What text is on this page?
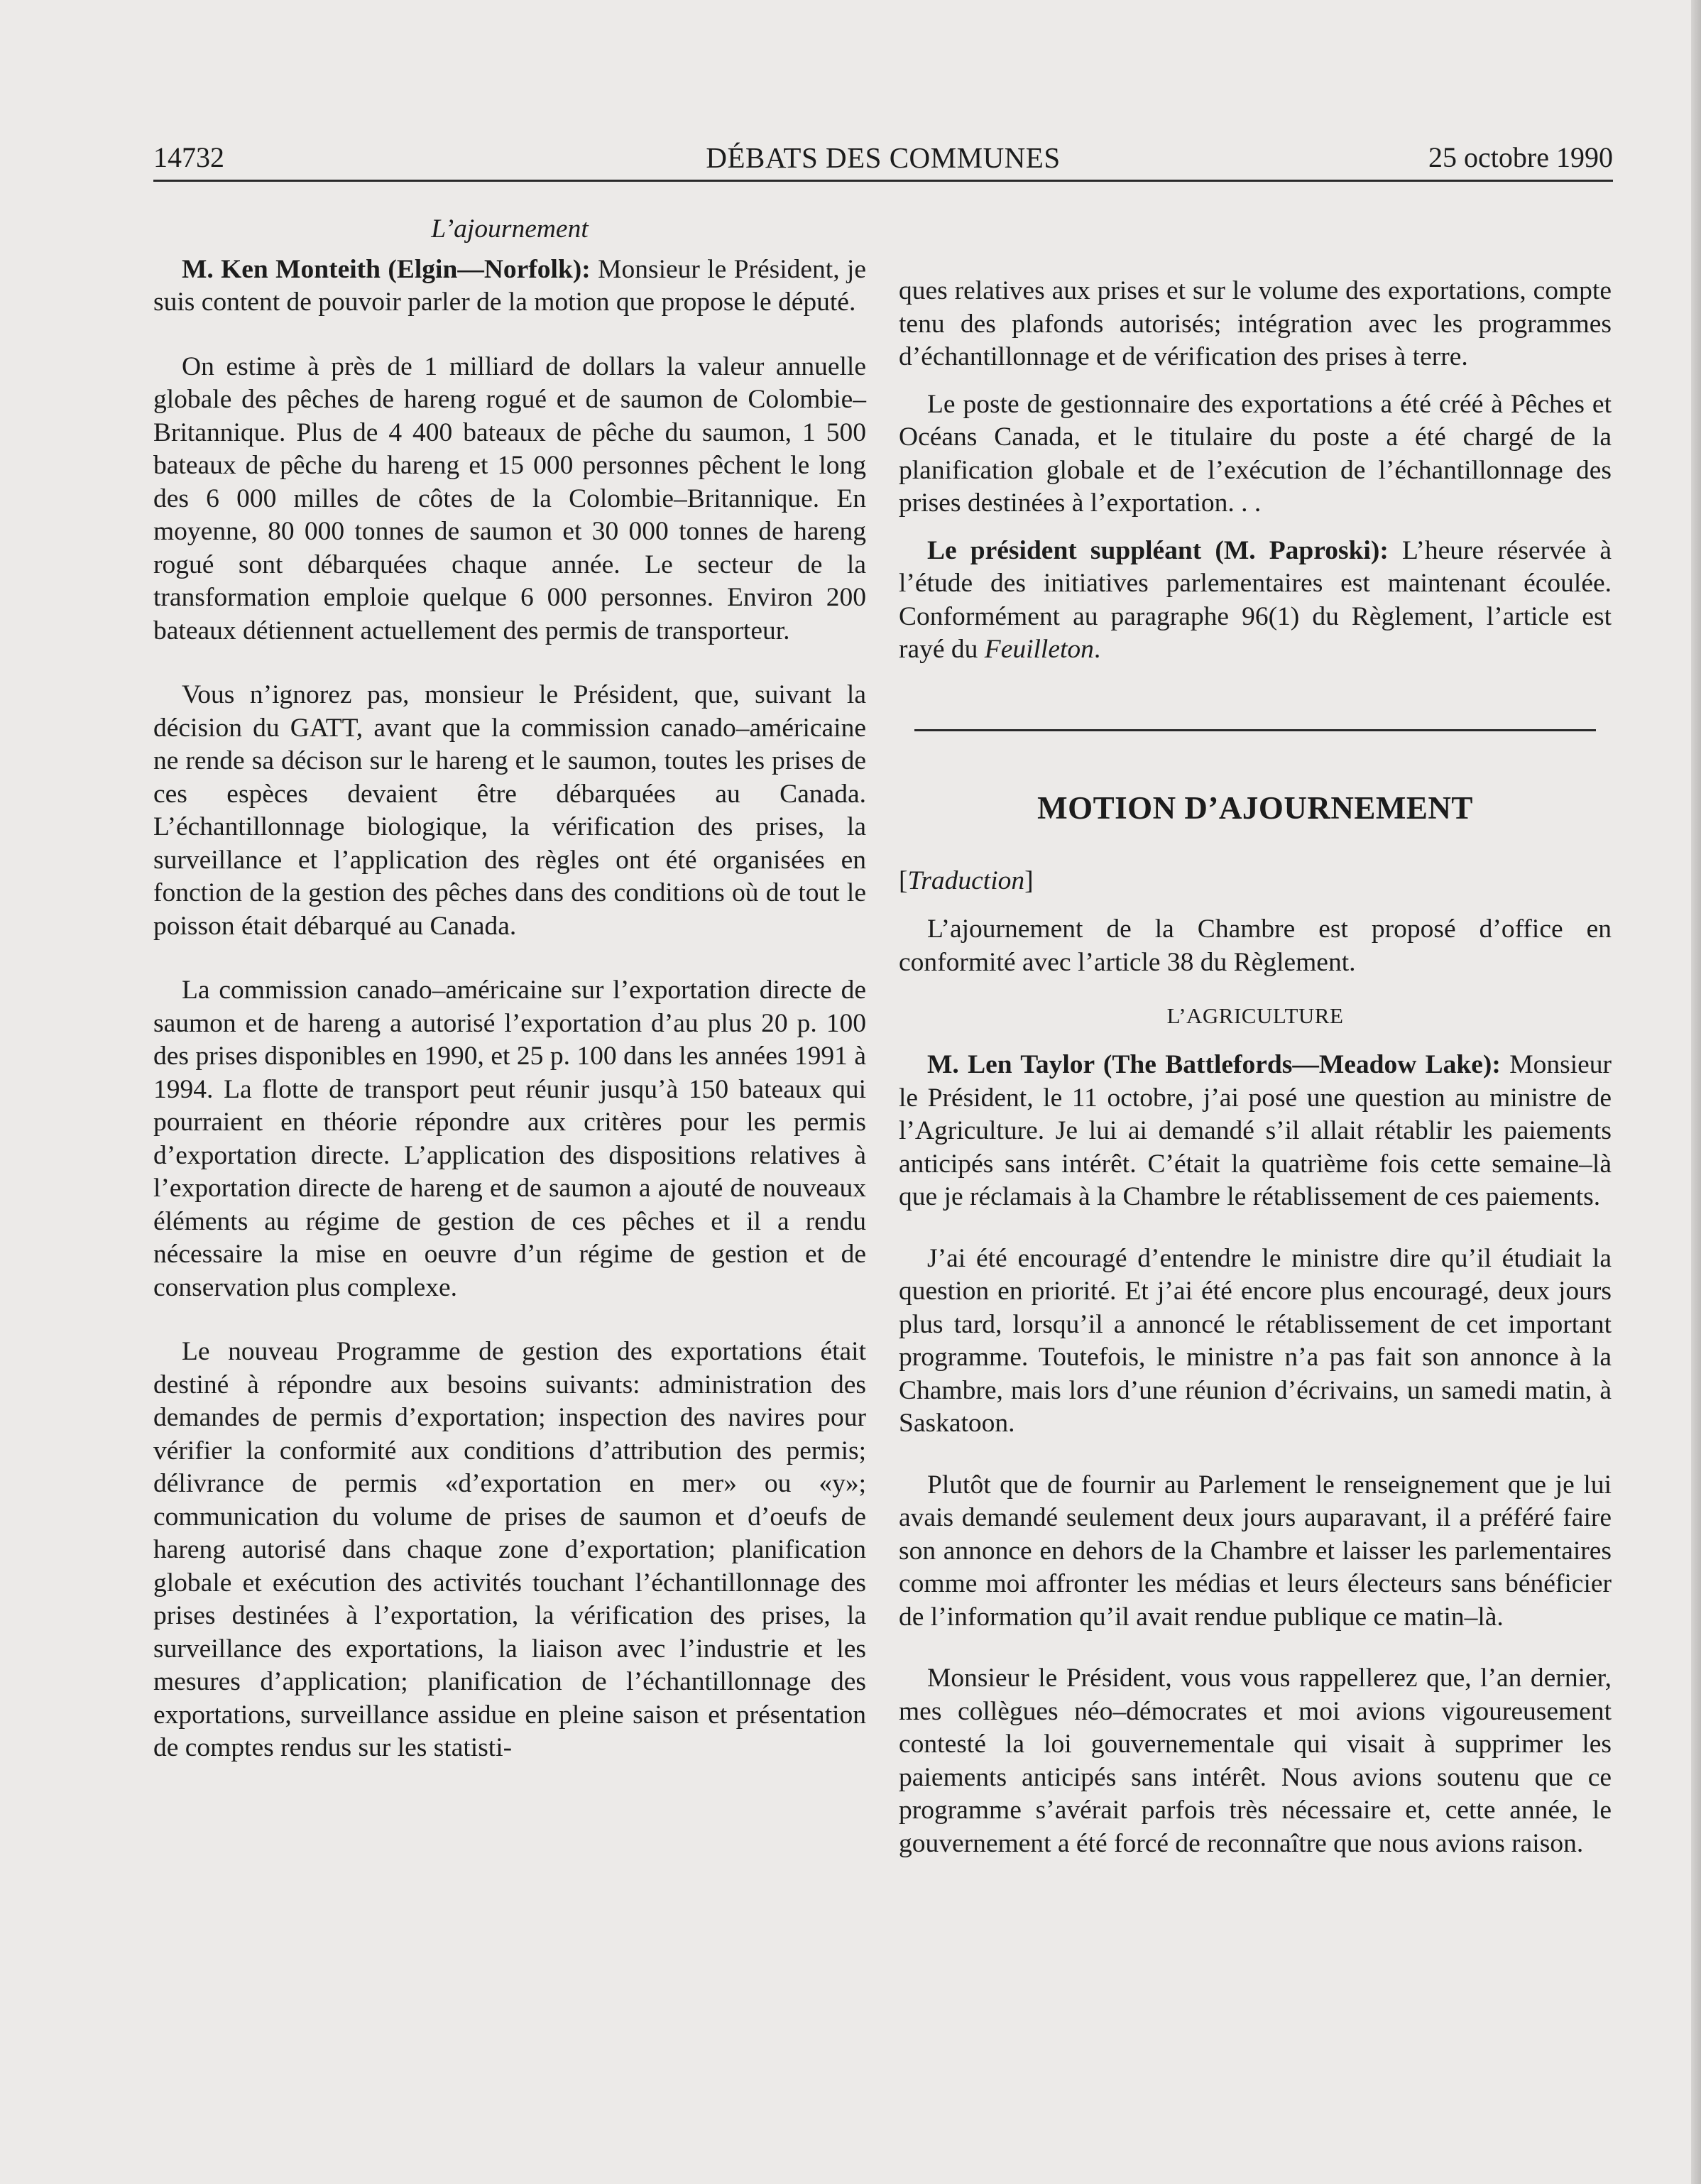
14732	DÉBATS DES COMMUNES	25 octobre 1990

L’ajournement

M. Ken Monteith (Elgin—Norfolk): Monsieur le Président, je suis content de pouvoir parler de la motion que propose le député.

On estime à près de 1 milliard de dollars la valeur annuelle globale des pêches de hareng rogué et de saumon de Colombie–Britannique. Plus de 4 400 bateaux de pêche du saumon, 1 500 bateaux de pêche du hareng et 15 000 personnes pêchent le long des 6 000 milles de côtes de la Colombie–Britannique. En moyenne, 80 000 tonnes de saumon et 30 000 tonnes de hareng rogué sont débarquées chaque année. Le secteur de la transformation emploie quelque 6 000 personnes. Environ 200 bateaux détiennent actuellement des permis de transporteur.

Vous n’ignorez pas, monsieur le Président, que, suivant la décision du GATT, avant que la commission canado–américaine ne rende sa décison sur le hareng et le saumon, toutes les prises de ces espèces devaient être débarquées au Canada. L’échantillonnage biologique, la vérification des prises, la surveillance et l’application des règles ont été organisées en fonction de la gestion des pêches dans des conditions où de tout le poisson était débarqué au Canada.

La commission canado–américaine sur l’exportation directe de saumon et de hareng a autorisé l’exportation d’au plus 20 p. 100 des prises disponibles en 1990, et 25 p. 100 dans les années 1991 à 1994. La flotte de transport peut réunir jusqu’à 150 bateaux qui pourraient en théorie répondre aux critères pour les permis d’exportation directe. L’application des dispositions relatives à l’exportation directe de hareng et de saumon a ajouté de nouveaux éléments au régime de gestion de ces pêches et il a rendu nécessaire la mise en oeuvre d’un régime de gestion et de conservation plus complexe.

Le nouveau Programme de gestion des exportations était destiné à répondre aux besoins suivants: administration des demandes de permis d’exportation; inspection des navires pour vérifier la conformité aux conditions d’attribution des permis; délivrance de permis «d’exportation en mer» ou «y»; communication du volume de prises de saumon et d’oeufs de hareng autorisé dans chaque zone d’exportation; planification globale et exécution des activités touchant l’échantillonnage des prises destinées à l’exportation, la vérification des prises, la surveillance des exportations, la liaison avec l’industrie et les mesures d’application; planification de l’échantillonnage des exportations, surveillance assidue en pleine saison et présentation de comptes rendus sur les statisti-

ques relatives aux prises et sur le volume des exportations, compte tenu des plafonds autorisés; intégration avec les programmes d’échantillonnage et de vérification des prises à terre.

Le poste de gestionnaire des exportations a été créé à Pêches et Océans Canada, et le titulaire du poste a été chargé de la planification globale et de l’exécution de l’échantillonnage des prises destinées à l’exportation. . .

Le président suppléant (M. Paproski): L’heure réservée à l’étude des initiatives parlementaires est maintenant écoulée. Conformément au paragraphe 96(1) du Règlement, l’article est rayé du Feuilleton.

MOTION D’AJOURNEMENT

[Traduction]

L’ajournement de la Chambre est proposé d’office en conformité avec l’article 38 du Règlement.

L’AGRICULTURE

M. Len Taylor (The Battlefords—Meadow Lake): Monsieur le Président, le 11 octobre, j’ai posé une question au ministre de l’Agriculture. Je lui ai demandé s’il allait rétablir les paiements anticipés sans intérêt. C’était la quatrième fois cette semaine–là que je réclamais à la Chambre le rétablissement de ces paiements.

J’ai été encouragé d’entendre le ministre dire qu’il étudiait la question en priorité. Et j’ai été encore plus encouragé, deux jours plus tard, lorsqu’il a annoncé le rétablissement de cet important programme. Toutefois, le ministre n’a pas fait son annonce à la Chambre, mais lors d’une réunion d’écrivains, un samedi matin, à Saskatoon.

Plutôt que de fournir au Parlement le renseignement que je lui avais demandé seulement deux jours auparavant, il a préféré faire son annonce en dehors de la Chambre et laisser les parlementaires comme moi affronter les médias et leurs électeurs sans bénéficier de l’information qu’il avait rendue publique ce matin–là.

Monsieur le Président, vous vous rappellerez que, l’an dernier, mes collègues néo–démocrates et moi avions vigoureusement contesté la loi gouvernementale qui visait à supprimer les paiements anticipés sans intérêt. Nous avions soutenu que ce programme s’avérait parfois très nécessaire et, cette année, le gouvernement a été forcé de reconnaître que nous avions raison.
